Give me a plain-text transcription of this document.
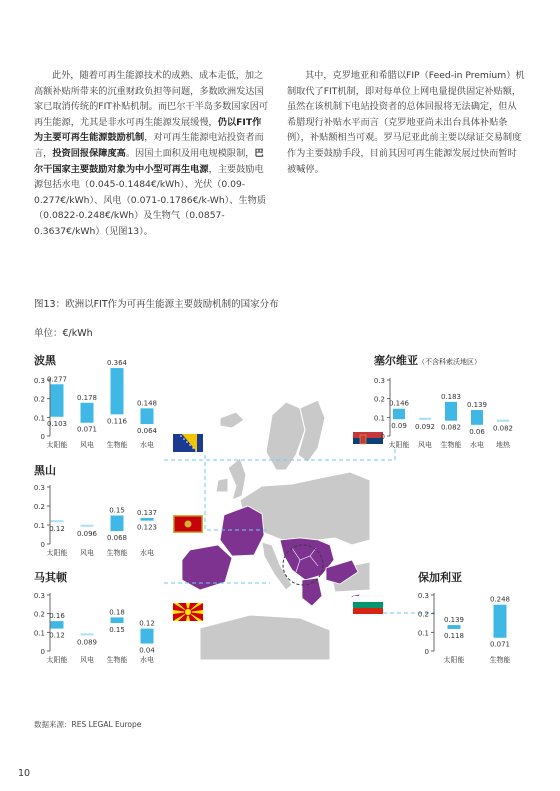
此外，随着可再生能源技术的成熟、成本走低，加之高额补贴所带来的沉重财政负担等问题，多数欧洲发达国家已取消传统的FIT补贴机制。而巴尔干半岛多数国家因可再生能源，尤其是非水可再生能源发展缓慢，仍以FIT作为主要可再生能源鼓励机制，对可再生能源电站投资者而言，投资回报保障度高。因国土面积及用电规模限制，巴尔干国家主要鼓励对象为中小型可再生电源，主要鼓励电源包括水电（0.045-0.1484€/kWh）、光伏（0.09-0.277€/kWh）、风电（0.071-0.1786€/k-Wh）、生物质（0.0822-0.248€/kWh）及生物气（0.0857-0.3637€/kWh）（见图13）。
其中，克罗地亚和希腊以FIP（Feed-in Premium）机制取代了FIT机制，即对每单位上网电量提供固定补贴额，虽然在该机制下电站投资者的总体回报将无法确定，但从希腊现行补贴水平而言（克罗地亚尚未出台具体补贴条例），补贴额相当可观。罗马尼亚此前主要以绿证交易制度作为主要鼓励手段，目前其因可再生能源发展过快而暂时被喊停。
图13：欧洲以FIT作为可再生能源主要鼓励机制的国家分布
单位：€/kWh
波黑
黑山
马其顿
塞尔维亚（不含科索沃地区）
保加利亚
0
0.1
0.2
0.3 0.277
0.103
太阳能
0.178
0.071
风电
0.364
0.116
生物能
0.148
0.064
水电
0
0.1
0.2
0.3
0.12
太阳能
0.096
风电
0.15
0.068
生物能
0.137
0.123
水电
0
0.1
0.2
0.3
0.16
0.12
太阳能
0.089
风电
0.18
0.15
生物能
0.12
0.04
水电
0
0.1
0.2
0.3
0.146
0.09
太阳能
0.092
风电
0.183
0.082
生物能
0.139
0.06
水电
0.082
地热
0
0.1
0.2
0.3
0.139
0.118
太阳能
0.248
0.071
生物能
数据来源：RES LEGAL Europe
10
